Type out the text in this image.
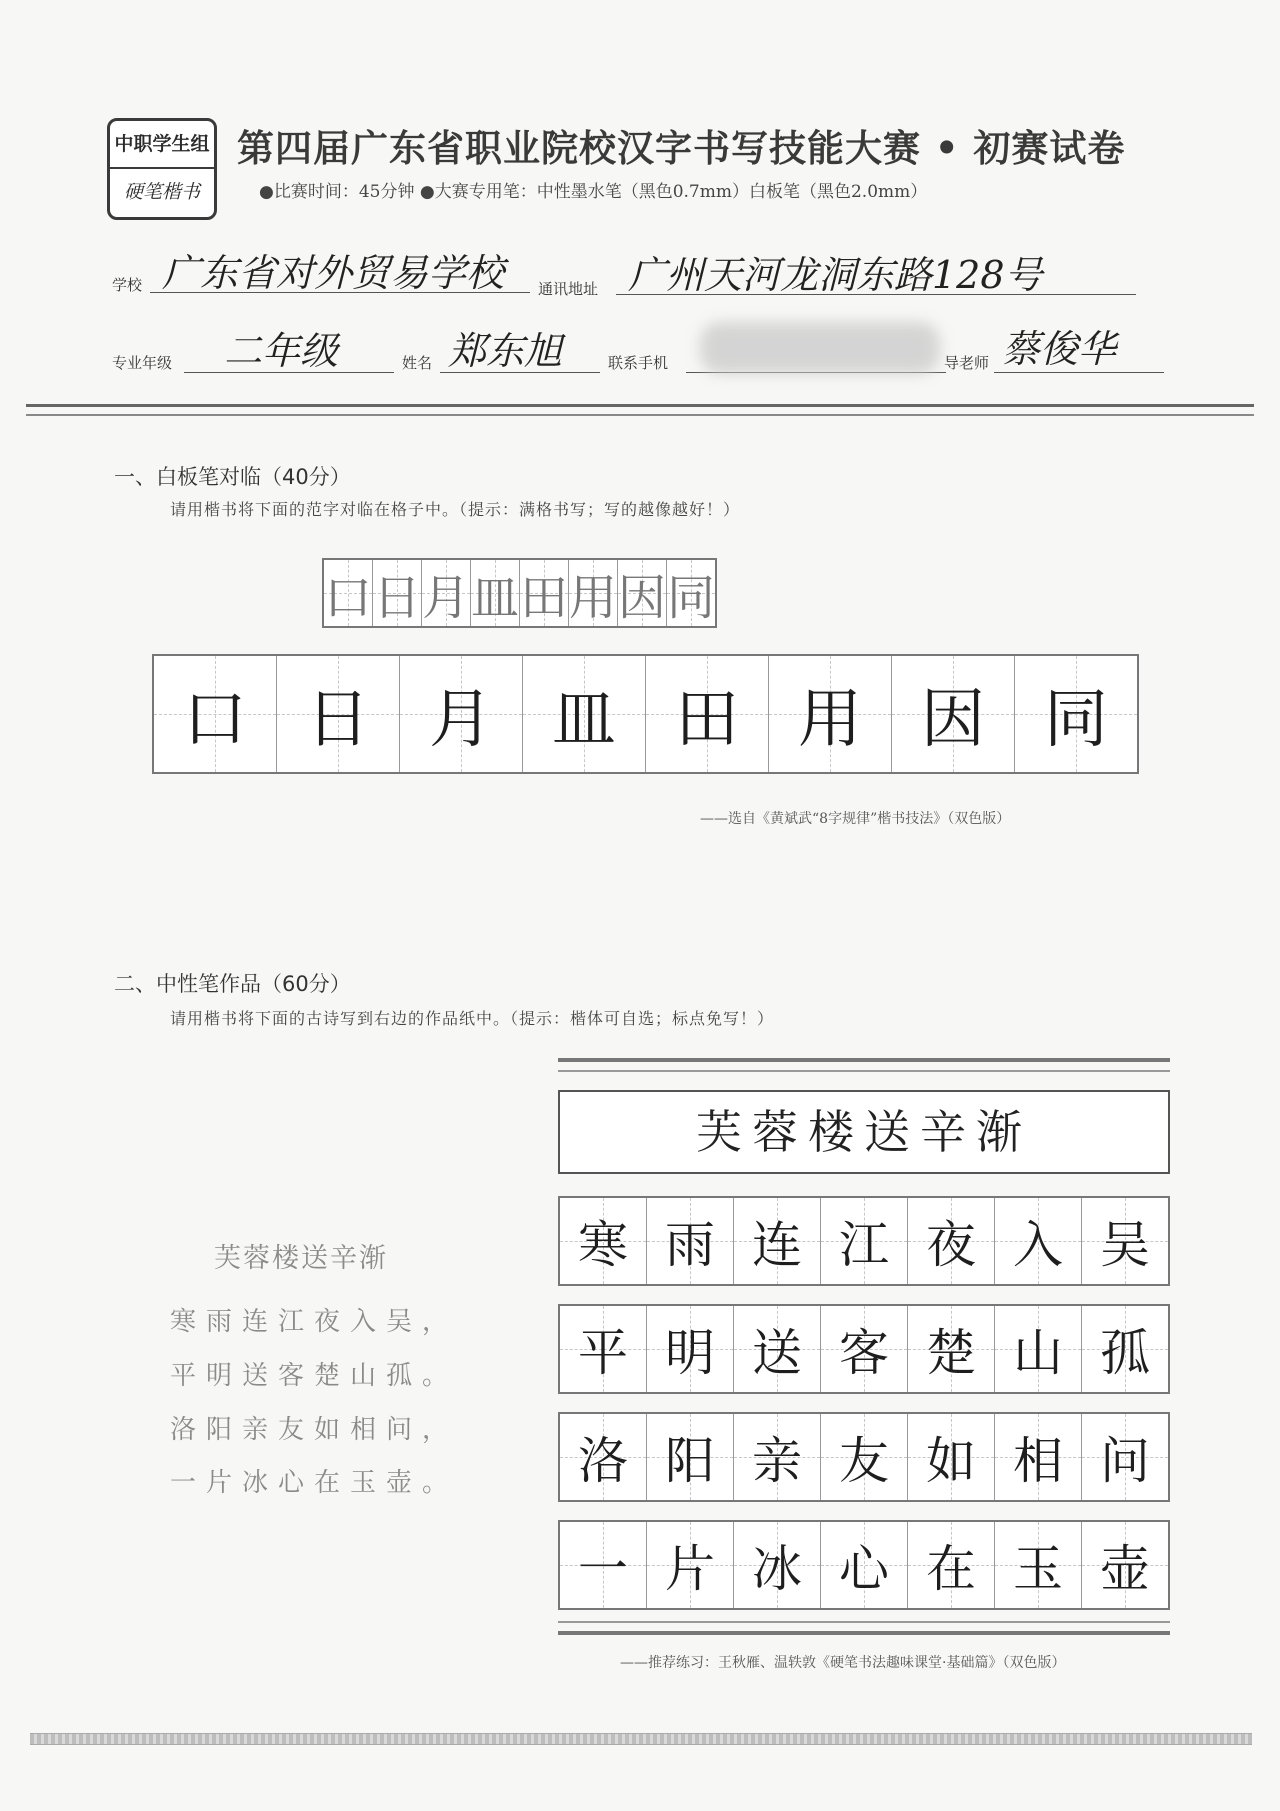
中职学生组
硬笔楷书
第四届广东省职业院校汉字书写技能大赛 • 初赛试卷
●比赛时间：45分钟 ●大赛专用笔：中性墨水笔（黑色0.7mm）白板笔（黑色2.0mm）
学校 广东省对外贸易学校 通讯地址 广州天河龙洞东路128号
专业年级 二年级	姓名 郑东旭	联系手机	导老师 蔡俊华
一、白板笔对临（40分）
请用楷书将下面的范字对临在格子中。（提示：满格书写；写的越像越好！）
口 日 月 皿 田 用 因 同
口 日 月 皿 田 用 因 同
——选自《黄斌武“8字规律”楷书技法》（双色版）
二、中性笔作品（60分）
请用楷书将下面的古诗写到右边的作品纸中。（提示：楷体可自选；标点免写！）
芙蓉楼送辛渐
寒雨连江夜入吴，
平明送客楚山孤。
洛阳亲友如相问，
一片冰心在玉壶。
芙蓉楼送辛渐
寒 雨 连 江 夜 入 吴
平 明 送 客 楚 山 孤
洛 阳 亲 友 如 相 问
一 片 冰 心 在 玉 壶
——推荐练习：王秋雁、温轶敦《硬笔书法趣味课堂·基础篇》（双色版）
